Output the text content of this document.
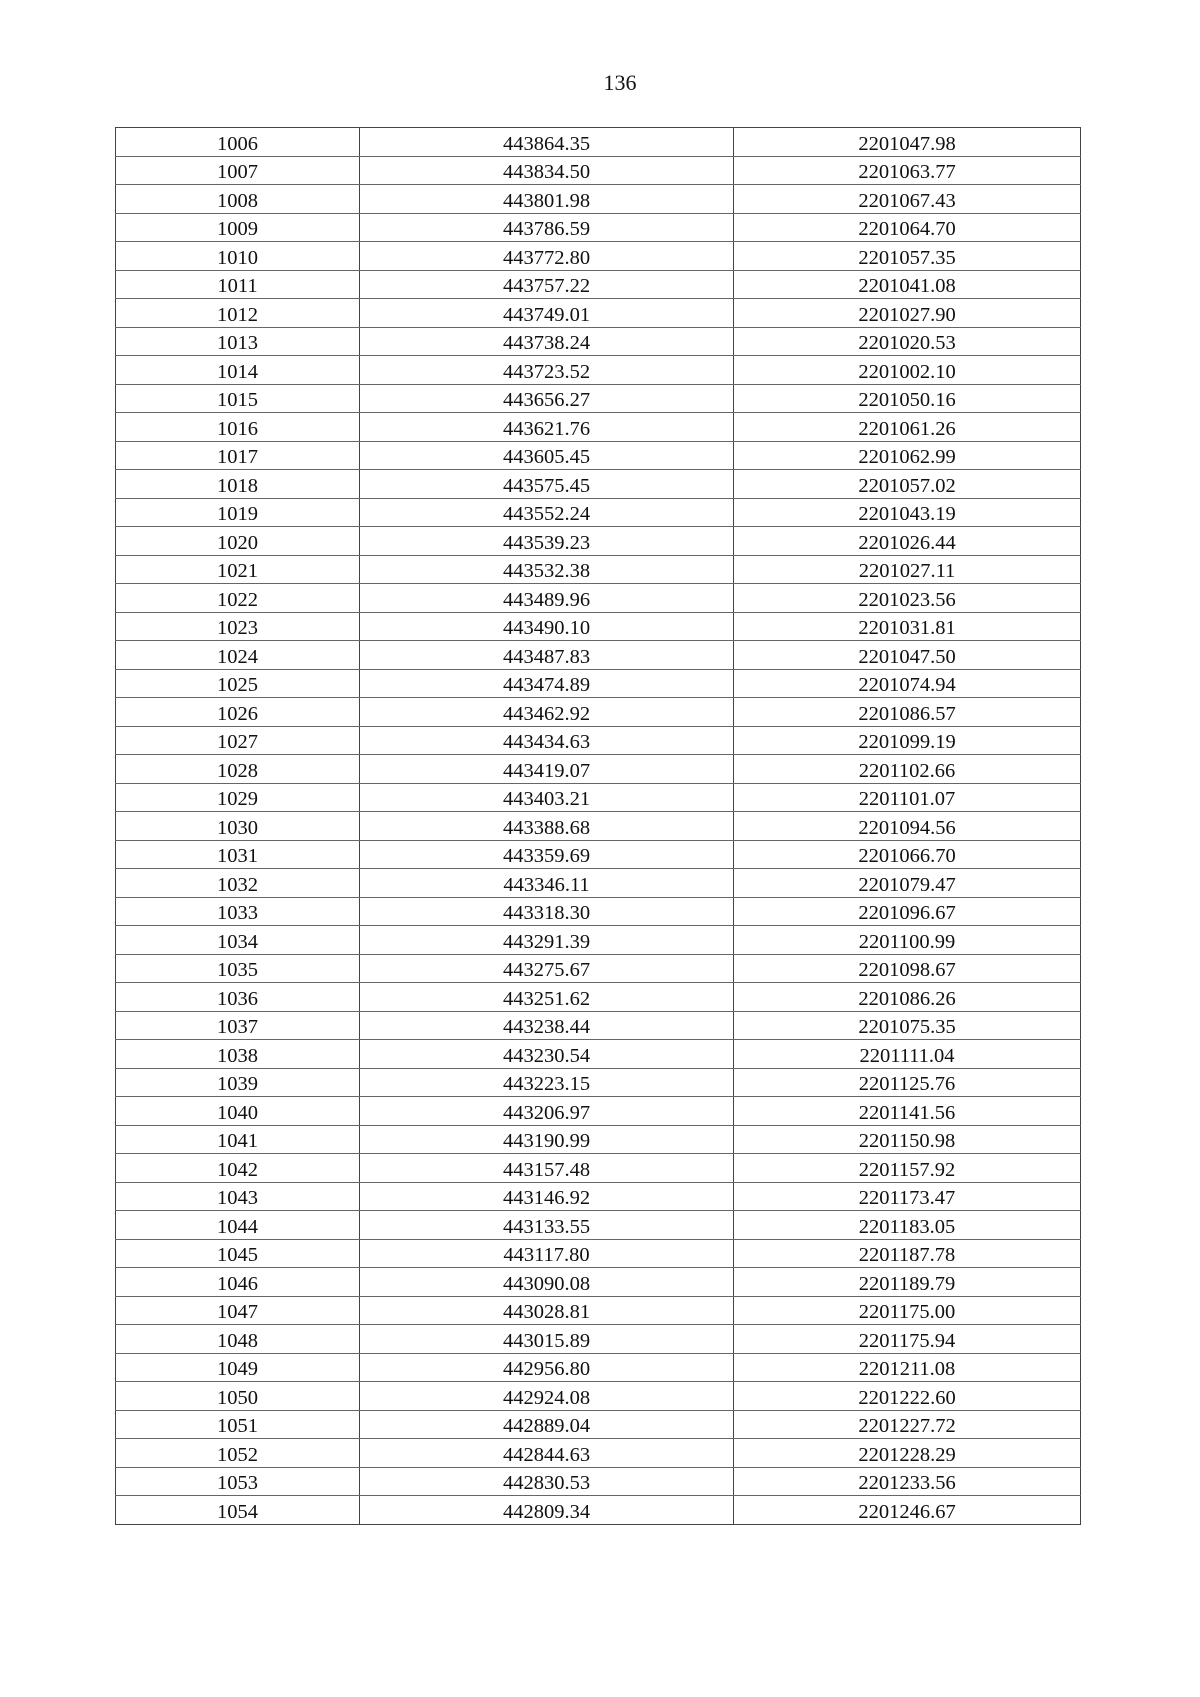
136
1006	443864.35	2201047.98
1007	443834.50	2201063.77
1008	443801.98	2201067.43
1009	443786.59	2201064.70
1010	443772.80	2201057.35
1011	443757.22	2201041.08
1012	443749.01	2201027.90
1013	443738.24	2201020.53
1014	443723.52	2201002.10
1015	443656.27	2201050.16
1016	443621.76	2201061.26
1017	443605.45	2201062.99
1018	443575.45	2201057.02
1019	443552.24	2201043.19
1020	443539.23	2201026.44
1021	443532.38	2201027.11
1022	443489.96	2201023.56
1023	443490.10	2201031.81
1024	443487.83	2201047.50
1025	443474.89	2201074.94
1026	443462.92	2201086.57
1027	443434.63	2201099.19
1028	443419.07	2201102.66
1029	443403.21	2201101.07
1030	443388.68	2201094.56
1031	443359.69	2201066.70
1032	443346.11	2201079.47
1033	443318.30	2201096.67
1034	443291.39	2201100.99
1035	443275.67	2201098.67
1036	443251.62	2201086.26
1037	443238.44	2201075.35
1038	443230.54	2201111.04
1039	443223.15	2201125.76
1040	443206.97	2201141.56
1041	443190.99	2201150.98
1042	443157.48	2201157.92
1043	443146.92	2201173.47
1044	443133.55	2201183.05
1045	443117.80	2201187.78
1046	443090.08	2201189.79
1047	443028.81	2201175.00
1048	443015.89	2201175.94
1049	442956.80	2201211.08
1050	442924.08	2201222.60
1051	442889.04	2201227.72
1052	442844.63	2201228.29
1053	442830.53	2201233.56
1054	442809.34	2201246.67
